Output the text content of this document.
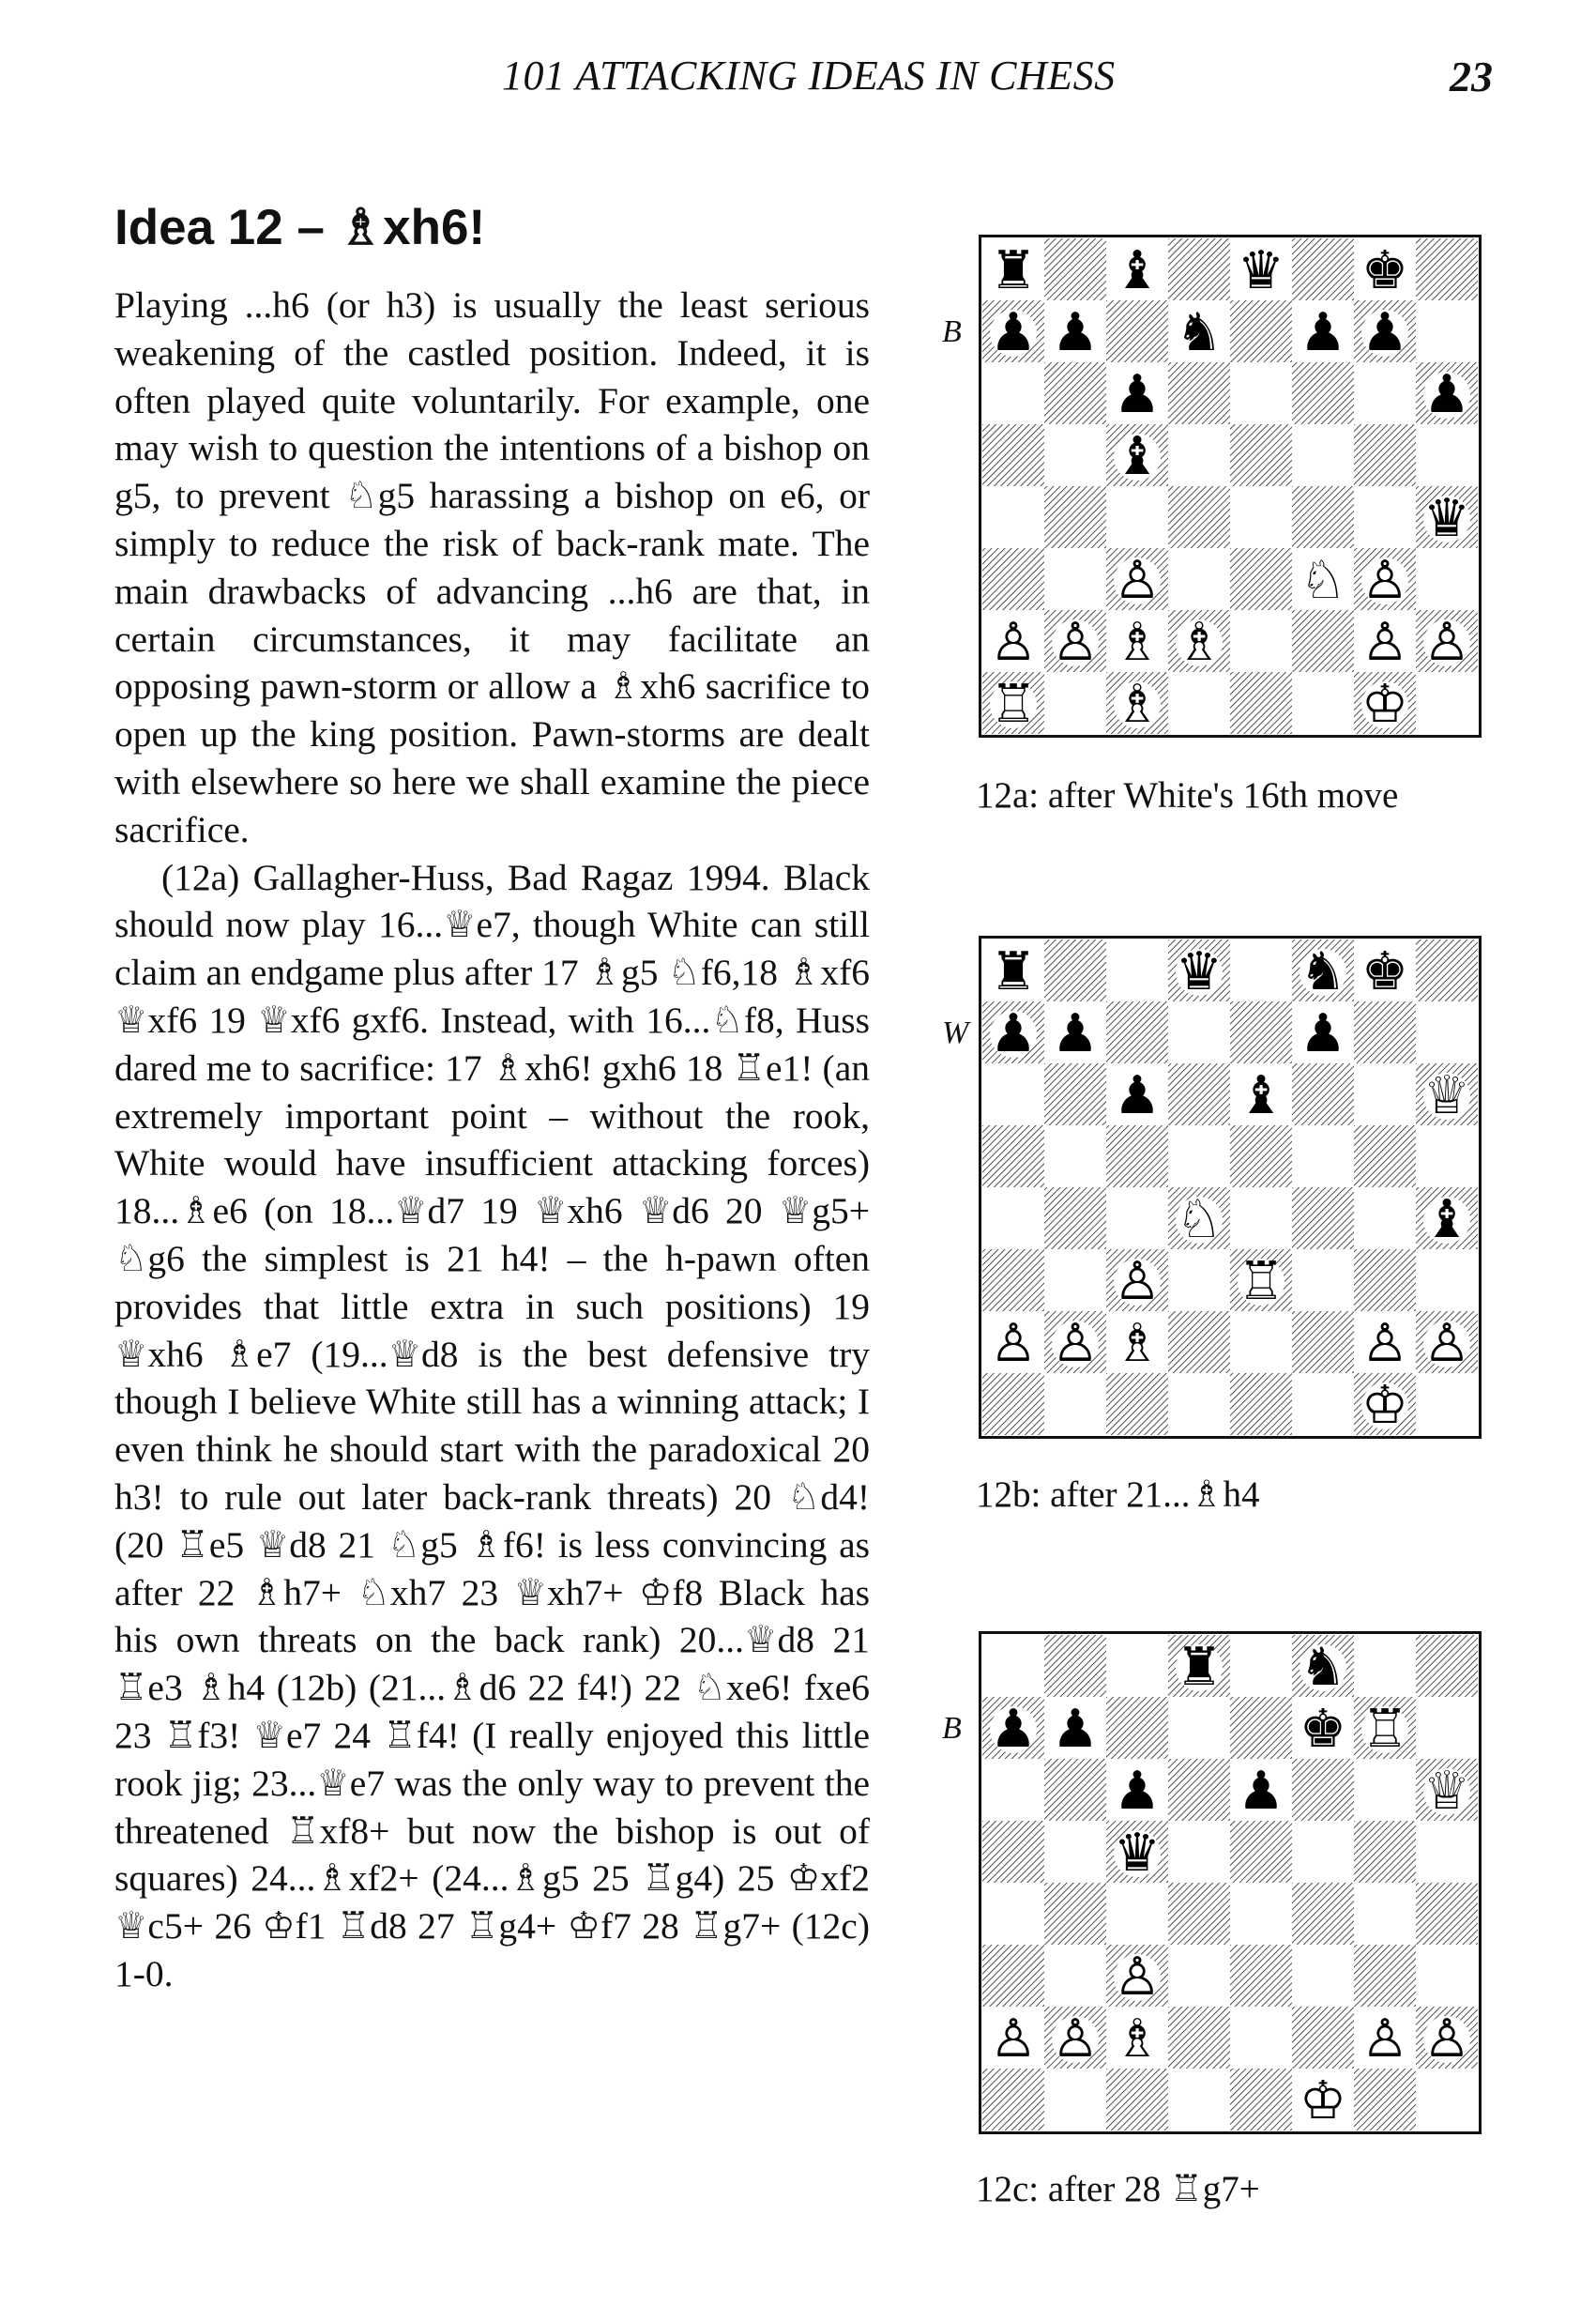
101 ATTACKING IDEAS IN CHESS	23
Idea 12 – ♗xh6!

Playing ...h6 (or h3) is usually the least serious weakening of the castled position. Indeed, it is often played quite voluntarily. For example, one may wish to question the intentions of a bishop on g5, to prevent ♘g5 harassing a bishop on e6, or simply to reduce the risk of back-rank mate. The main drawbacks of advancing ...h6 are that, in certain circumstances, it may facilitate an opposing pawn-storm or allow a ♗xh6 sacrifice to open up the king position. Pawn-storms are dealt with elsewhere so here we shall examine the piece sacrifice.

(12a) Gallagher-Huss, Bad Ragaz 1994. Black should now play 16...♕e7, though White can still claim an endgame plus after 17 ♗g5 ♘f6,18 ♗xf6 ♕xf6 19 ♕xf6 gxf6. Instead, with 16...♘f8, Huss dared me to sacrifice: 17 ♗xh6! gxh6 18 ♖e1! (an extremely important point – without the rook, White would have insufficient attacking forces) 18...♗e6 (on 18...♕d7 19 ♕xh6 ♕d6 20 ♕g5+ ♘g6 the simplest is 21 h4! – the h-pawn often provides that little extra in such positions) 19 ♕xh6 ♗e7 (19...♕d8 is the best defensive try though I believe White still has a winning attack; I even think he should start with the paradoxical 20 h3! to rule out later back-rank threats) 20 ♘d4! (20 ♖e5 ♕d8 21 ♘g5 ♗f6! is less convincing as after 22 ♗h7+ ♘xh7 23 ♕xh7+ ♔f8 Black has his own threats on the back rank) 20...♕d8 21 ♖e3 ♗h4 (12b) (21...♗d6 22 f4!) 22 ♘xe6! fxe6 23 ♖f3! ♕e7 24 ♖f4! (I really enjoyed this little rook jig; 23...♕e7 was the only way to prevent the threatened ♖xf8+ but now the bishop is out of squares) 24...♗xf2+ (24...♗g5 25 ♖g4) 25 ♔xf2 ♕c5+ 26 ♔f1 ♖d8 27 ♖g4+ ♔f7 28 ♖g7+ (12c) 1-0.

B
♜ ♝ ♛ ♚
♟ ♟ ♞ ♟ ♟
♟	♟
♝
♛
♙	♘ ♙
♙ ♙ ♗ ♗	♙ ♙
♖ ♗	♔
12a: after White's 16th move
W
♜	♛ ♞ ♚
♟ ♟	♟
♟ ♝	♕
♘	♝
♙ ♖
♙ ♙ ♗	♙ ♙
♔
12b: after 21...♗h4
B
♜ ♞
♟ ♟	♚ ♖
♟ ♟	♕
♛
♙
♙ ♙ ♗	♙ ♙
♔
12c: after 28 ♖g7+
